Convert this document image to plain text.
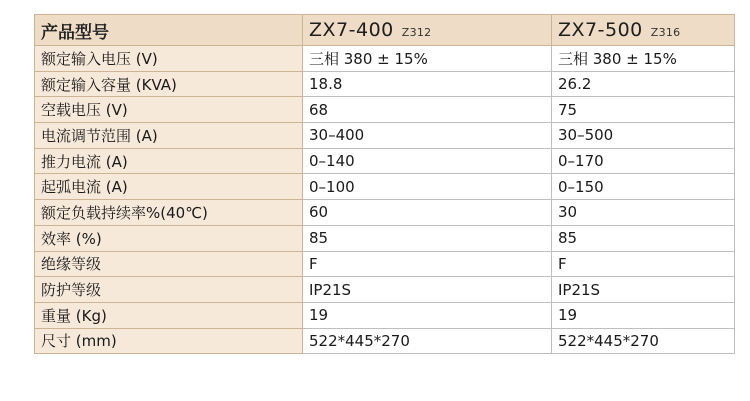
产品型号	ZX7-400 Z312	ZX7-500 Z316
额定输入电压 (V)	三相 380 ± 15%	三相 380 ± 15%
额定输入容量 (KVA)	18.8	26.2
空载电压 (V)	68	75
电流调节范围 (A)	30–400	30–500
推力电流 (A)	0–140	0–170
起弧电流 (A)	0–100	0–150
额定负载持续率%(40℃)	60	30
效率 (%)	85	85
绝缘等级	F	F
防护等级	IP21S	IP21S
重量 (Kg)	19	19
尺寸 (mm)	522*445*270	522*445*270
